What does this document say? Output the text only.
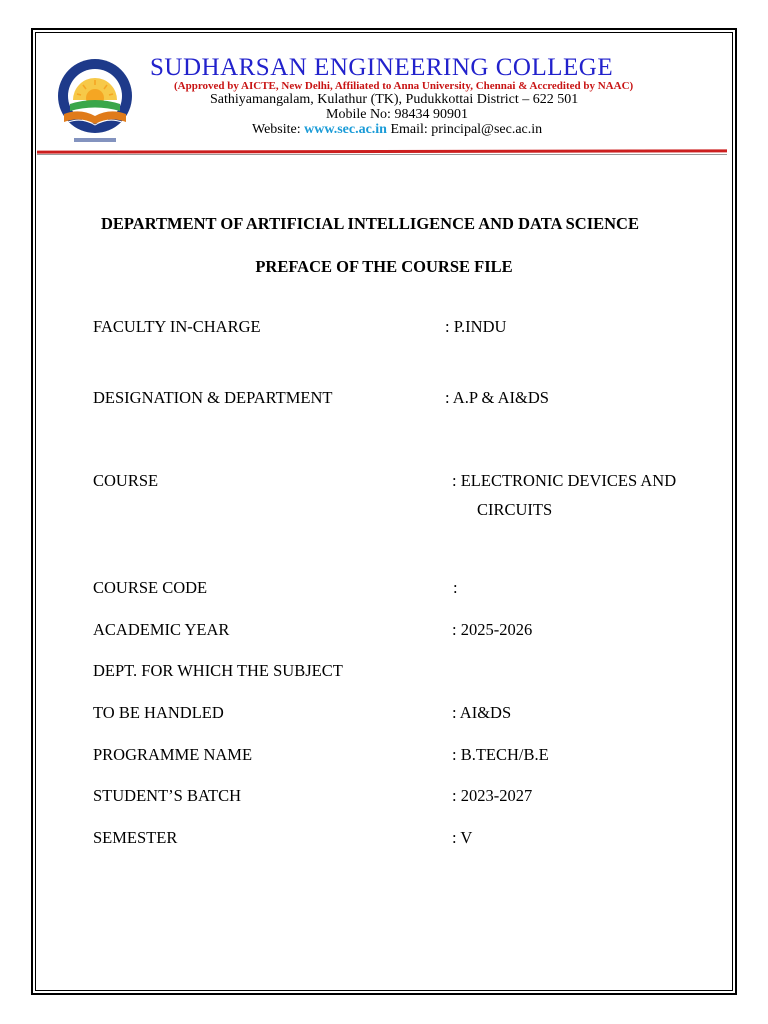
SUDHARSAN ENGINEERING COLLEGE
(Approved by AICTE, New Delhi, Affiliated to Anna University, Chennai & Accredited by NAAC)
Sathiyamangalam, Kulathur (TK), Pudukkottai District – 622 501
Mobile No: 98434 90901
Website: www.sec.ac.in Email: principal@sec.ac.in
DEPARTMENT OF ARTIFICIAL INTELLIGENCE AND DATA SCIENCE
PREFACE OF THE COURSE FILE
FACULTY IN-CHARGE	: P.INDU
DESIGNATION & DEPARTMENT	: A.P & AI&DS
COURSE	: ELECTRONIC DEVICES AND
CIRCUITS
COURSE CODE	:
ACADEMIC YEAR	: 2025-2026
DEPT. FOR WHICH THE SUBJECT
TO BE HANDLED	: AI&DS
PROGRAMME NAME	: B.TECH/B.E
STUDENT’S BATCH	: 2023-2027
SEMESTER	: V
